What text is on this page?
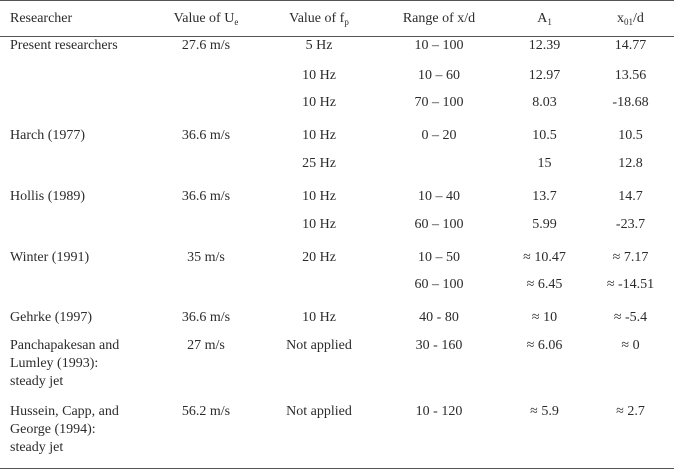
Researcher	Value of $U_e$	Value of $f_p$	Range of x/d	$A_1$	$x_{01}/d$
Present researchers	27.6 m/s	5 Hz	10 – 100	12.39	14.77
		10 Hz	10 – 60	12.97	13.56
		10 Hz	70 – 100	8.03	-18.68
Harch (1977)	36.6 m/s	10 Hz	0 – 20	10.5	10.5
		25 Hz		15	12.8
Hollis (1989)	36.6 m/s	10 Hz	10 – 40	13.7	14.7
		10 Hz	60 – 100	5.99	-23.7
Winter (1991)	35 m/s	20 Hz	10 – 50	≈ 10.47	≈ 7.17
			60 – 100	≈ 6.45	≈ -14.51
Gehrke (1997)	36.6 m/s	10 Hz	40 - 80	≈ 10	≈ -5.4

Panchapakesan and
Lumley (1993):
steady jet	27 m/s	Not applied	30 - 160	≈ 6.06	≈ 0

Hussein, Capp, and
George (1994):
steady jet	56.2 m/s	Not applied	10 - 120	≈ 5.9	≈ 2.7
